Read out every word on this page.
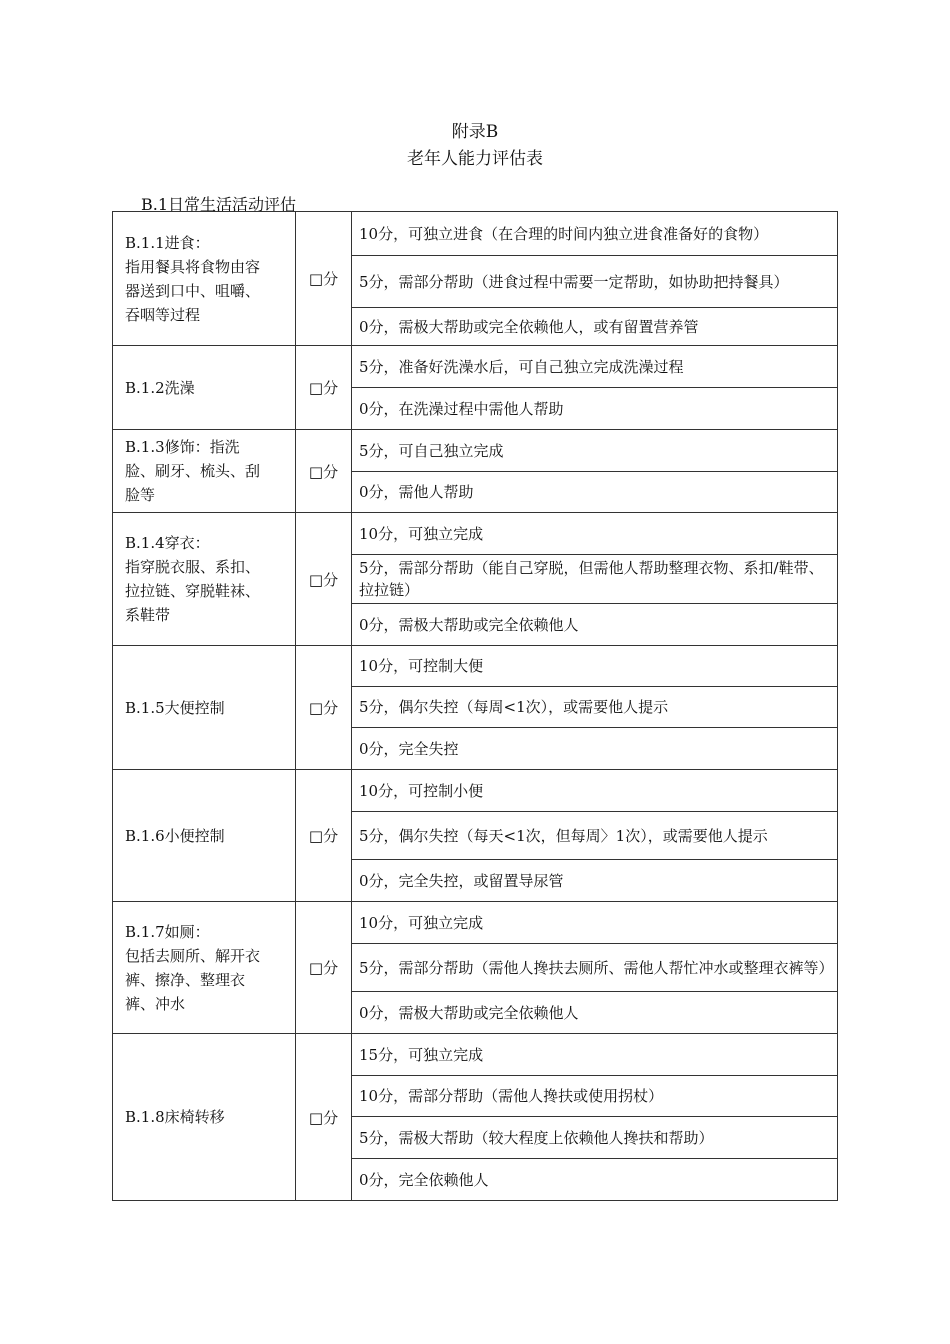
附录B
老年人能力评估表
B.1日常生活活动评估
B.1.1进食：
指用餐具将食物由容
器送到口中、咀嚼、
吞咽等过程	□分	10分，可独立进食（在合理的时间内独立进食准备好的食物）
		5分，需部分帮助（进食过程中需要一定帮助，如协助把持餐具）
		0分，需极大帮助或完全依赖他人，或有留置营养管

B.1.2洗澡	□分	5分，准备好洗澡水后，可自己独立完成洗澡过程
		0分，在洗澡过程中需他人帮助

B.1.3修饰：指洗
脸、刷牙、梳头、刮
脸等	□分	5分，可自己独立完成
		0分，需他人帮助

B.1.4穿衣：
指穿脱衣服、系扣、
拉拉链、穿脱鞋袜、
系鞋带	□分	10分，可独立完成
		5分，需部分帮助（能自己穿脱，但需他人帮助整理衣物、系扣/鞋带、拉拉链）
		0分，需极大帮助或完全依赖他人

B.1.5大便控制	□分	10分，可控制大便
		5分，偶尔失控（每周<1次），或需要他人提示
		0分，完全失控

B.1.6小便控制	□分	10分，可控制小便
		5分，偶尔失控（每天<1次，但每周〉1次），或需要他人提示
		0分，完全失控，或留置导尿管

B.1.7如厕：
包括去厕所、解开衣
裤、擦净、整理衣
裤、冲水	□分	10分，可独立完成
		5分，需部分帮助（需他人搀扶去厕所、需他人帮忙冲水或整理衣裤等）
		0分，需极大帮助或完全依赖他人

B.1.8床椅转移	□分	15分，可独立完成
		10分，需部分帮助（需他人搀扶或使用拐杖）
		5分，需极大帮助（较大程度上依赖他人搀扶和帮助）
		0分，完全依赖他人
